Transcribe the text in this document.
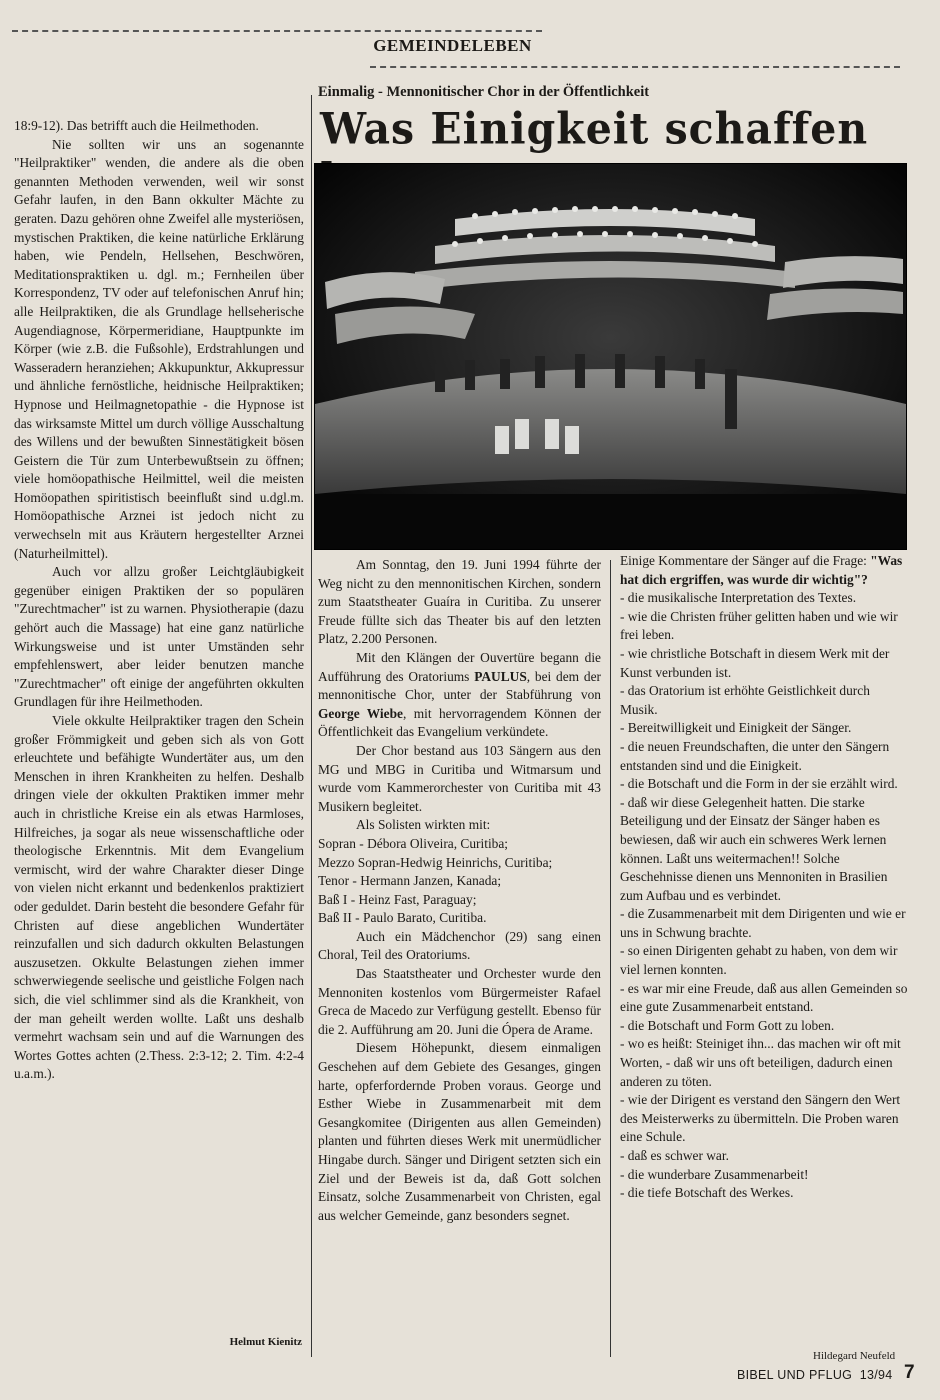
GEMEINDELEBEN

18:9-12). Das betrifft auch die Heilmethoden.

Nie sollten wir uns an sogenannte "Heilpraktiker" wenden, die andere als die oben genannten Methoden verwenden, weil wir sonst Gefahr laufen, in den Bann okkulter Mächte zu geraten. Dazu gehören ohne Zweifel alle mysteriösen, mystischen Praktiken, die keine natürliche Erklärung haben, wie Pendeln, Hellsehen, Beschwören, Meditationspraktiken u. dgl. m.; Fernheilen über Korrespondenz, TV oder auf telefonischen Anruf hin; alle Heilpraktiken, die als Grundlage hellseherische Augendiagnose, Körpermeridiane, Hauptpunkte im Körper (wie z.B. die Fußsohle), Erdstrahlungen und Wasseradern heranziehen; Akkupunktur, Akkupressur und ähnliche fernöstliche, heidnische Heilpraktiken; Hypnose und Heilmagnetopathie - die Hypnose ist das wirksamste Mittel um durch völlige Ausschaltung des Willens und der bewußten Sinnestätigkeit bösen Geistern die Tür zum Unterbewußtsein zu öffnen; viele homöopathische Heilmittel, weil die meisten Homöopathen spiritistisch beeinflußt sind u.dgl.m. Homöopathische Arznei ist jedoch nicht zu verwechseln mit aus Kräutern hergestellter Arznei (Naturheilmittel).

Auch vor allzu großer Leichtgläubigkeit gegenüber einigen Praktiken der so populären "Zurechtmacher" ist zu warnen. Physiotherapie (dazu gehört auch die Massage) hat eine ganz natürliche Wirkungsweise und ist unter Umständen sehr empfehlenswert, aber leider benutzen manche "Zurechtmacher" oft einige der angeführten okkulten Grundlagen für ihre Heilmethoden.

Viele okkulte Heilpraktiker tragen den Schein großer Frömmigkeit und geben sich als von Gott erleuchtete und befähigte Wundertäter aus, um den Menschen in ihren Krankheiten zu helfen. Deshalb dringen viele der okkulten Praktiken immer mehr auch in christliche Kreise ein als etwas Harmloses, Hilfreiches, ja sogar als neue wissenschaftliche oder theologische Erkenntnis. Mit dem Evangelium vermischt, wird der wahre Charakter dieser Dinge von vielen nicht erkannt und bedenkenlos praktiziert oder geduldet. Darin besteht die besondere Gefahr für Christen auf diese angeblichen Wundertäter reinzufallen und sich dadurch okkulten Belastungen auszusetzen. Okkulte Belastungen ziehen immer schwerwiegende seelische und geistliche Folgen nach sich, die viel schlimmer sind als die Krankheit, von der man geheilt werden wollte. Laßt uns deshalb vermehrt wachsam sein und auf die Warnungen des Wortes Gottes achten (2.Thess. 2:3-12; 2. Tim. 4:2-4 u.a.m.).

Helmut Kienitz
Einmalig - Mennonitischer Chor in der Öffentlichkeit
Was Einigkeit schaffen

Am Sonntag, den 19. Juni 1994 führte der Weg nicht zu den mennonitischen Kirchen, sondern zum Staatstheater Guaíra in Curitiba. Zu unserer Freude füllte sich das Theater bis auf den letzten Platz, 2.200 Personen.

Mit den Klängen der Ouvertüre begann die Aufführung des Oratoriums PAULUS, bei dem der mennonitische Chor, unter der Stabführung von George Wiebe, mit hervorragendem Können der Öffentlichkeit das Evangelium verkündete.

Der Chor bestand aus 103 Sängern aus den MG und MBG in Curitiba und Witmarsum und wurde vom Kammerorchester von Curitiba mit 43 Musikern begleitet.

Als Solisten wirkten mit:

Sopran - Débora Oliveira, Curitiba;

Mezzo Sopran-Hedwig Heinrichs, Curitiba;

Tenor - Hermann Janzen, Kanada;

Baß I - Heinz Fast, Paraguay;

Baß II - Paulo Barato, Curitiba.

Auch ein Mädchenchor (29) sang einen Choral, Teil des Oratoriums.

Das Staatstheater und Orchester wurde den Mennoniten kostenlos vom Bürgermeister Rafael Greca de Macedo zur Verfügung gestellt. Ebenso für die 2. Aufführung am 20. Juni die Ópera de Arame.

Diesem Höhepunkt, diesem einmaligen Geschehen auf dem Gebiete des Gesanges, gingen harte, opferfordernde Proben voraus. George und Esther Wiebe in Zusammenarbeit mit dem Gesangkomitee (Dirigenten aus allen Gemeinden) planten und führten dieses Werk mit unermüdlicher Hingabe durch. Sänger und Dirigent setzten sich ein Ziel und der Beweis ist da, daß Gott solchen Einsatz, solche Zusammenarbeit von Christen, egal aus welcher Gemeinde, ganz besonders segnet.

Einige Kommentare der Sänger auf die Frage: "Was hat dich ergriffen, was wurde dir wichtig"?

- die musikalische Interpretation des Textes.

- wie die Christen früher gelitten haben und wie wir frei leben.

- wie christliche Botschaft in diesem Werk mit der Kunst verbunden ist.

- das Oratorium ist erhöhte Geistlichkeit durch Musik.

- Bereitwilligkeit und Einigkeit der Sänger.

- die neuen Freundschaften, die unter den Sängern entstanden sind und die Einigkeit.

- die Botschaft und die Form in der sie erzählt wird.

- daß wir diese Gelegenheit hatten. Die starke Beteiligung und der Einsatz der Sänger haben es bewiesen, daß wir auch ein schweres Werk lernen können. Laßt uns weitermachen!! Solche Geschehnisse dienen uns Mennoniten in Brasilien zum Aufbau und es verbindet.

- die Zusammenarbeit mit dem Dirigenten und wie er uns in Schwung brachte.

- so einen Dirigenten gehabt zu haben, von dem wir viel lernen konnten.

- es war mir eine Freude, daß aus allen Gemeinden so eine gute Zusammenarbeit entstand.

- die Botschaft und Form Gott zu loben.

- wo es heißt: Steiniget ihn... das machen wir oft mit Worten, - daß wir uns oft beteiligen, dadurch einen anderen zu töten.

- wie der Dirigent es verstand den Sängern den Wert des Meisterwerks zu übermitteln. Die Proben waren eine Schule.

- daß es schwer war.

- die wunderbare Zusammenarbeit!

- die tiefe Botschaft des Werkes.

Hildegard Neufeld
BIBEL UND PFLUG 13/94 7
